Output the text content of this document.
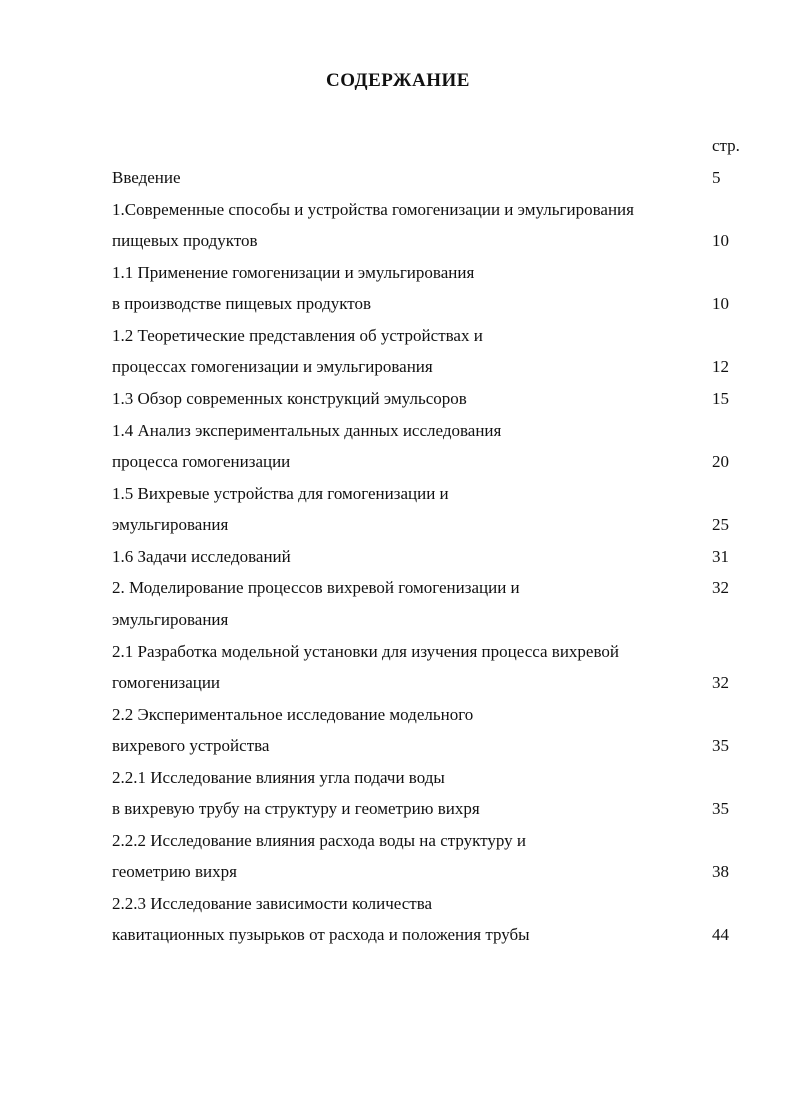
СОДЕРЖАНИЕ
стр.
Введение	5
1.Современные способы и устройства гомогенизации и эмульгирования
пищевых продуктов	10
1.1 Применение гомогенизации и эмульгирования
в производстве пищевых продуктов	10
1.2 Теоретические представления об устройствах и
процессах гомогенизации и эмульгирования	12
1.3 Обзор современных конструкций эмульсоров	15
1.4 Анализ экспериментальных данных исследования
процесса гомогенизации	20
1.5 Вихревые устройства для гомогенизации и
эмульгирования	25
1.6 Задачи исследований	31
2. Моделирование процессов вихревой гомогенизации и	32
эмульгирования
2.1 Разработка модельной установки для изучения процесса вихревой
гомогенизации	32
2.2 Экспериментальное исследование модельного
вихревого устройства	35
2.2.1 Исследование влияния угла подачи воды
в вихревую трубу на структуру и геометрию вихря	35
2.2.2 Исследование влияния расхода воды на структуру и
геометрию вихря	38
2.2.3 Исследование зависимости количества
кавитационных пузырьков от расхода и положения трубы	44
